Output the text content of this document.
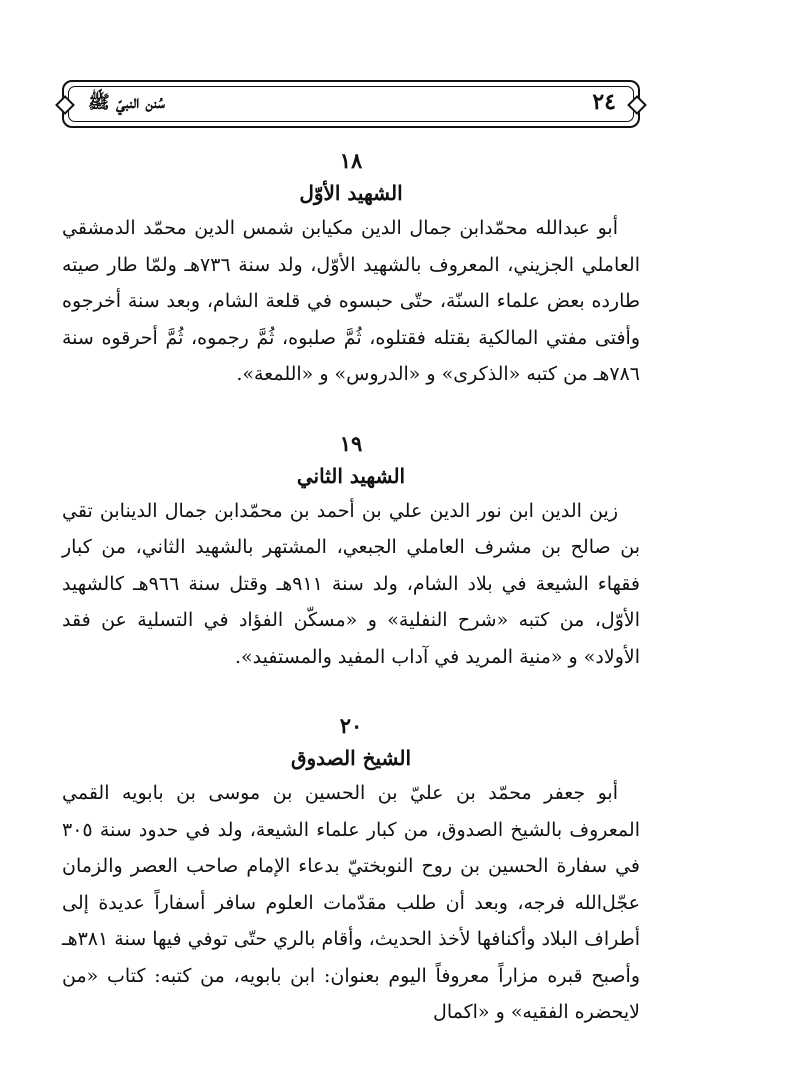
٢٤
سُنن النبيّ ﷺ

١٨

الشهيد الأوّل

أبو عبدالله محمّدابن جمال الدين مكيابن شمس الدين محمّد الدمشقي العاملي الجزيني، المعروف بالشهيد الأوّل، ولد سنة ٧٣٦هـ ولمّا طار صيته طارده بعض علماء السنّة، حتّى حبسوه في قلعة الشام، وبعد سنة أخرجوه وأفتى مفتي المالكية بقتله فقتلوه، ثُمَّ صلبوه، ثُمَّ رجموه، ثُمَّ أحرقوه سنة ٧٨٦هـ من كتبه «الذكرى» و «الدروس» و «اللمعة».

١٩

الشهيد الثاني

زين الدين ابن نور الدين علي بن أحمد بن محمّدابن جمال الدينابن تقي بن صالح بن مشرف العاملي الجبعي، المشتهر بالشهيد الثاني، من كبار فقهاء الشيعة في بلاد الشام، ولد سنة ٩١١هـ وقتل سنة ٩٦٦هـ كالشهيد الأوّل، من كتبه «شرح النفلية» و «مسكّن الفؤاد في التسلية عن فقد الأولاد» و «منية المريد في آداب المفيد والمستفيد».

٢٠

الشيخ الصدوق

أبو جعفر محمّد بن عليّ بن الحسين بن موسى بن بابويه القمي المعروف بالشيخ الصدوق، من كبار علماء الشيعة، ولد في حدود سنة ٣٠٥ في سفارة الحسين بن روح النوبختيّ بدعاء الإمام صاحب العصر والزمان عجّل‌الله فرجه، وبعد أن طلب مقدّمات العلوم سافر أسفاراً عديدة إلى أطراف البلاد وأكنافها لأخذ الحديث، وأقام بالري حتّى توفي فيها سنة ٣٨١هـ وأصبح قبره مزاراً معروفاً اليوم بعنوان: ابن بابويه، من كتبه: كتاب «من لايحضره الفقيه» و «اكمال
